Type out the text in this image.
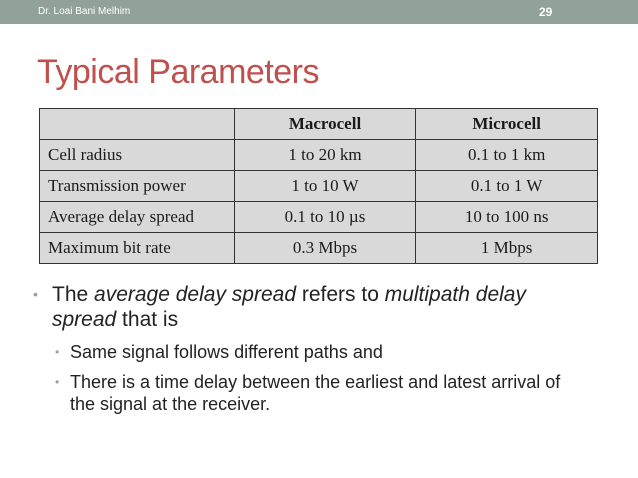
Dr. Loai Bani Melhim	29
Typical Parameters
	Macrocell	Microcell
Cell radius	1 to 20 km	0.1 to 1 km
Transmission power	1 to 10 W	0.1 to 1 W
Average delay spread	0.1 to 10 µs	10 to 100 ns
Maximum bit rate	0.3 Mbps	1 Mbps
• The average delay spread refers to multipath delay spread that is
• Same signal follows different paths and
• There is a time delay between the earliest and latest arrival of the signal at the receiver.
